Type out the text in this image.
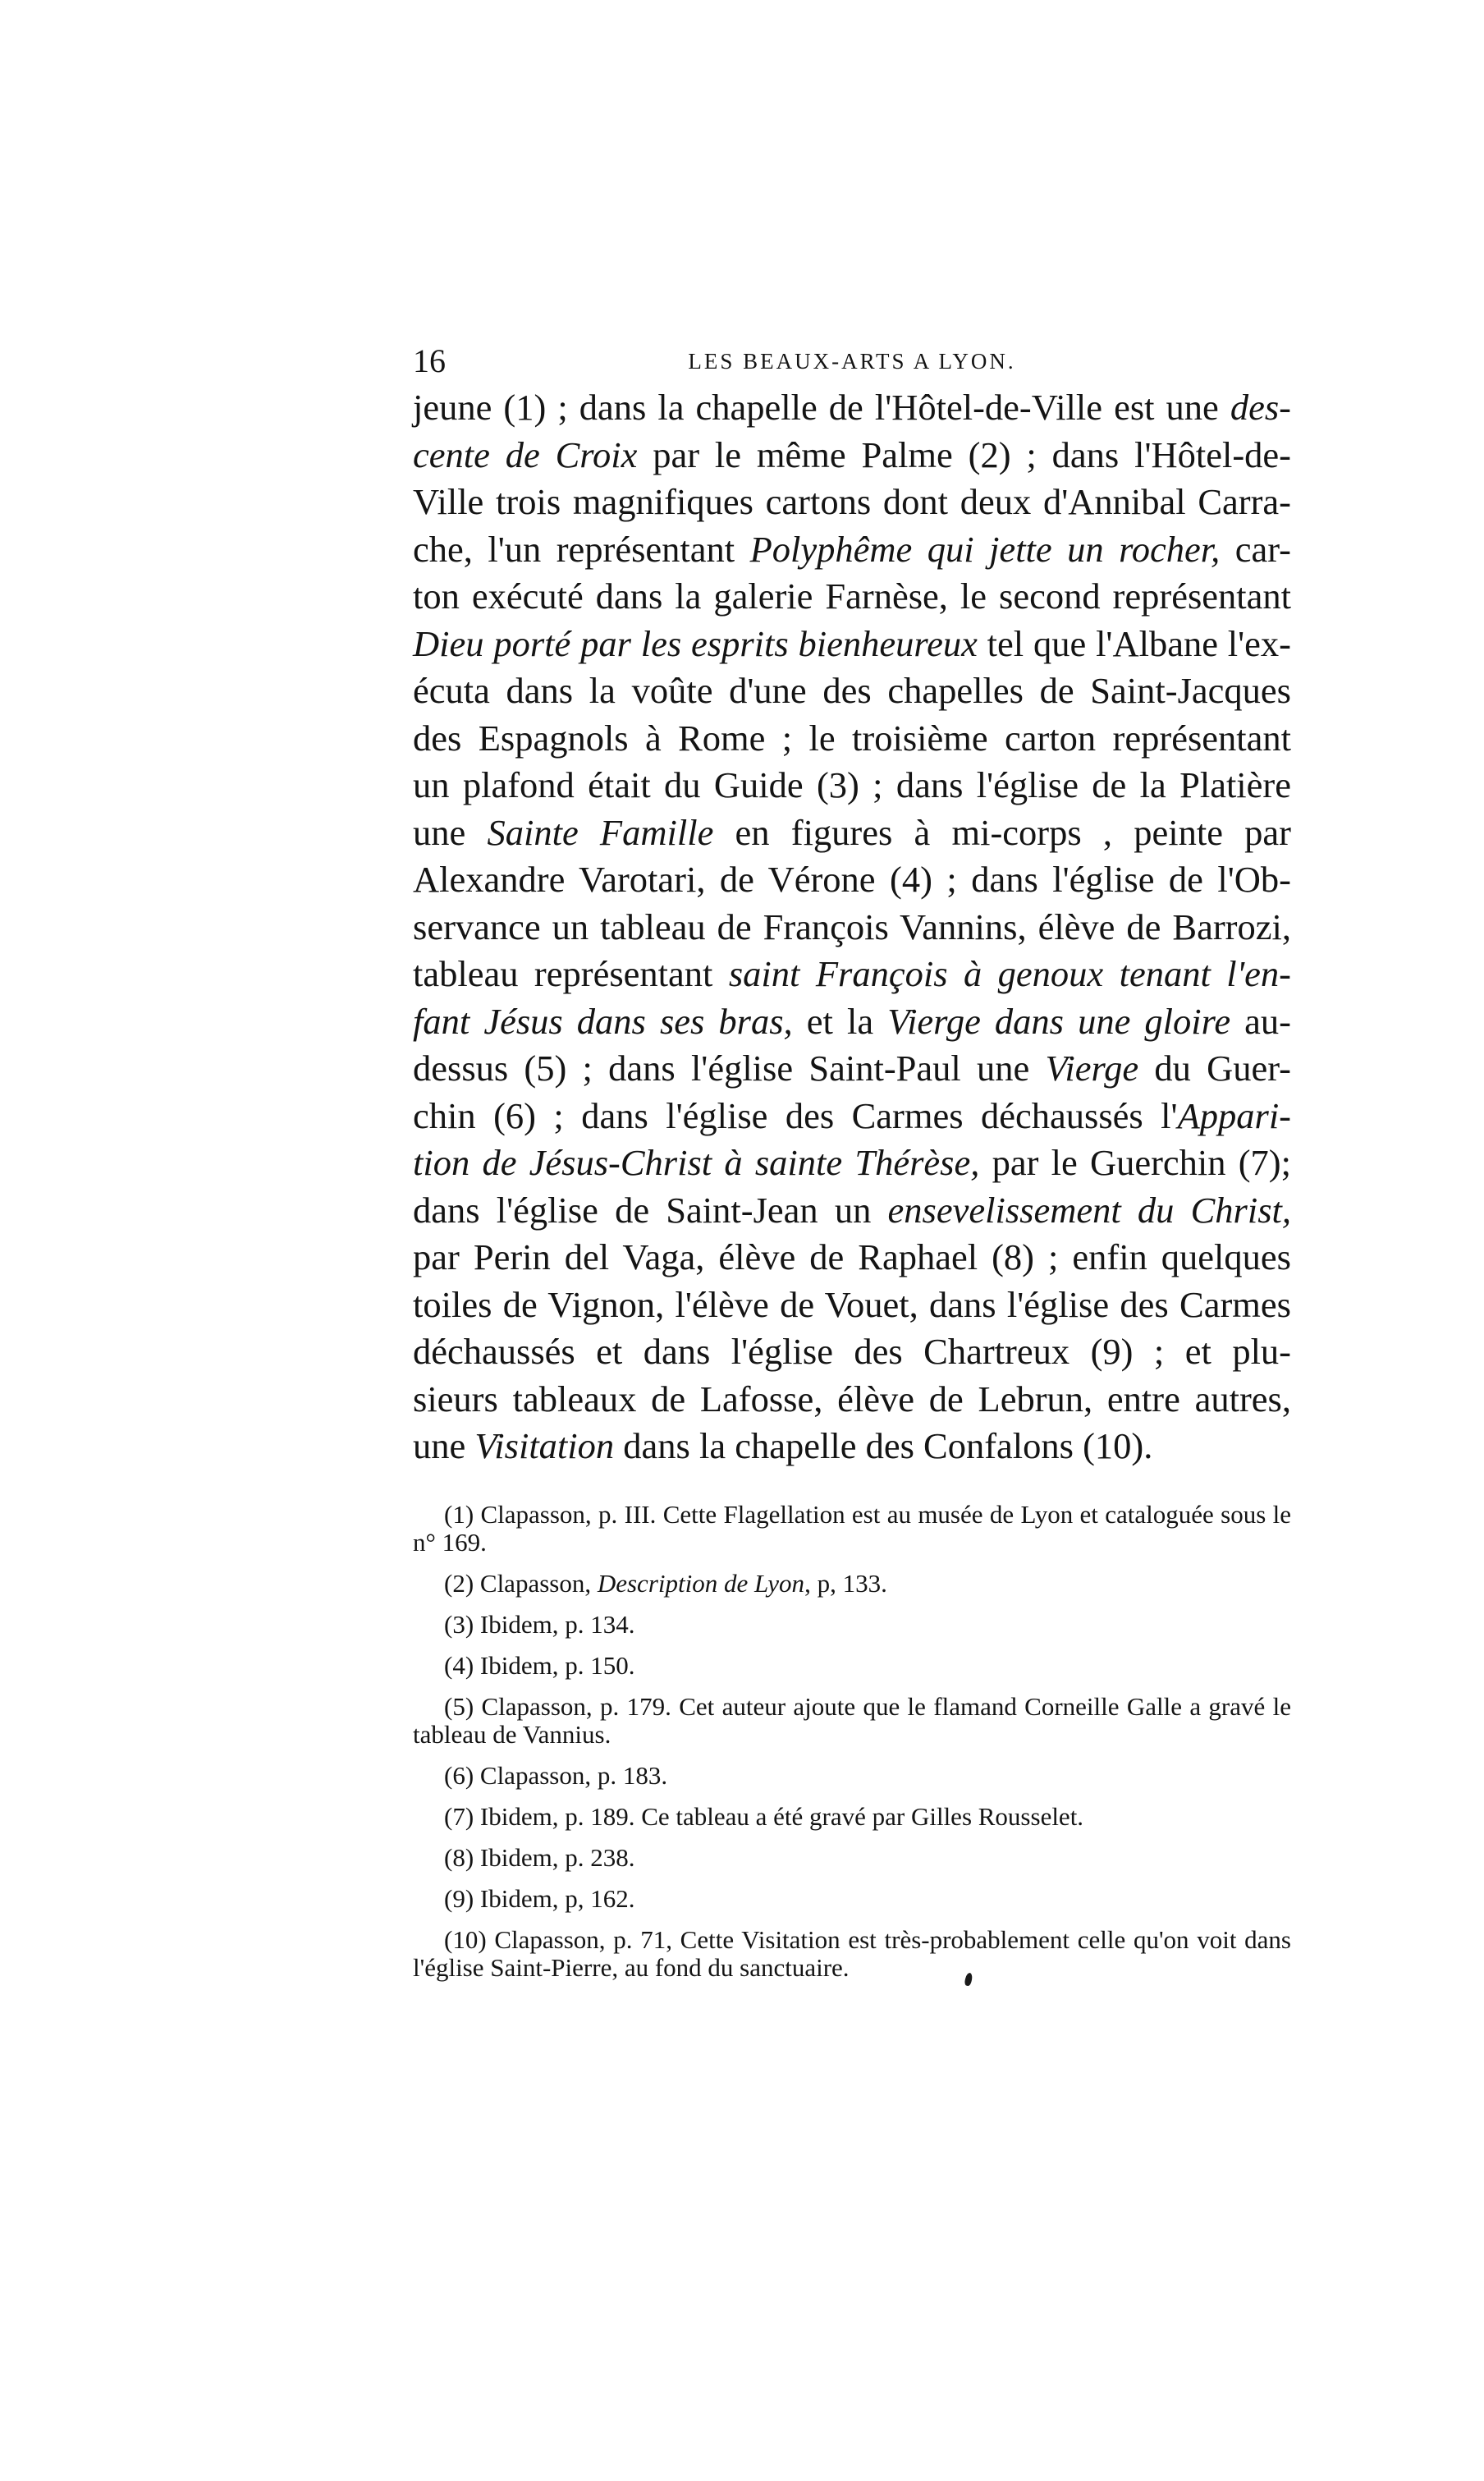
16	LES BEAUX-ARTS A LYON.
jeune (1) ; dans la chapelle de l'Hôtel-de-Ville est une des-
cente de Croix par le même Palme (2) ; dans l'Hôtel-de-
Ville trois magnifiques cartons dont deux d'Annibal Carra-
che, l'un représentant Polyphême qui jette un rocher, car-
ton exécuté dans la galerie Farnèse, le second représentant
Dieu porté par les esprits bienheureux tel que l'Albane l'ex-
écuta dans la voûte d'une des chapelles de Saint-Jacques
des Espagnols à Rome ; le troisième carton représentant
un plafond était du Guide (3) ; dans l'église de la Platière
une Sainte Famille en figures à mi-corps , peinte par
Alexandre Varotari, de Vérone (4) ; dans l'église de l'Ob-
servance un tableau de François Vannins, élève de Barrozi,
tableau représentant saint François à genoux tenant l'en-
fant Jésus dans ses bras, et la Vierge dans une gloire au-
dessus (5) ; dans l'église Saint-Paul une Vierge du Guer-
chin (6) ; dans l'église des Carmes déchaussés l'Appari-
tion de Jésus-Christ à sainte Thérèse, par le Guerchin (7);
dans l'église de Saint-Jean un ensevelissement du Christ,
par Perin del Vaga, élève de Raphael (8) ; enfin quelques
toiles de Vignon, l'élève de Vouet, dans l'église des Carmes
déchaussés et dans l'église des Chartreux (9) ; et plu-
sieurs tableaux de Lafosse, élève de Lebrun, entre autres,
une Visitation dans la chapelle des Confalons (10).
(1) Clapasson, p. III. Cette Flagellation est au musée de Lyon et cataloguée sous le n° 169.
(2) Clapasson, Description de Lyon, p, 133.
(3) Ibidem, p. 134.
(4) Ibidem, p. 150.
(5) Clapasson, p. 179. Cet auteur ajoute que le flamand Corneille Galle a gravé le tableau de Vannius.
(6) Clapasson, p. 183.
(7) Ibidem, p. 189. Ce tableau a été gravé par Gilles Rousselet.
(8) Ibidem, p. 238.
(9) Ibidem, p, 162.
(10) Clapasson, p. 71, Cette Visitation est très-probablement celle qu'on voit dans l'église Saint-Pierre, au fond du sanctuaire.
